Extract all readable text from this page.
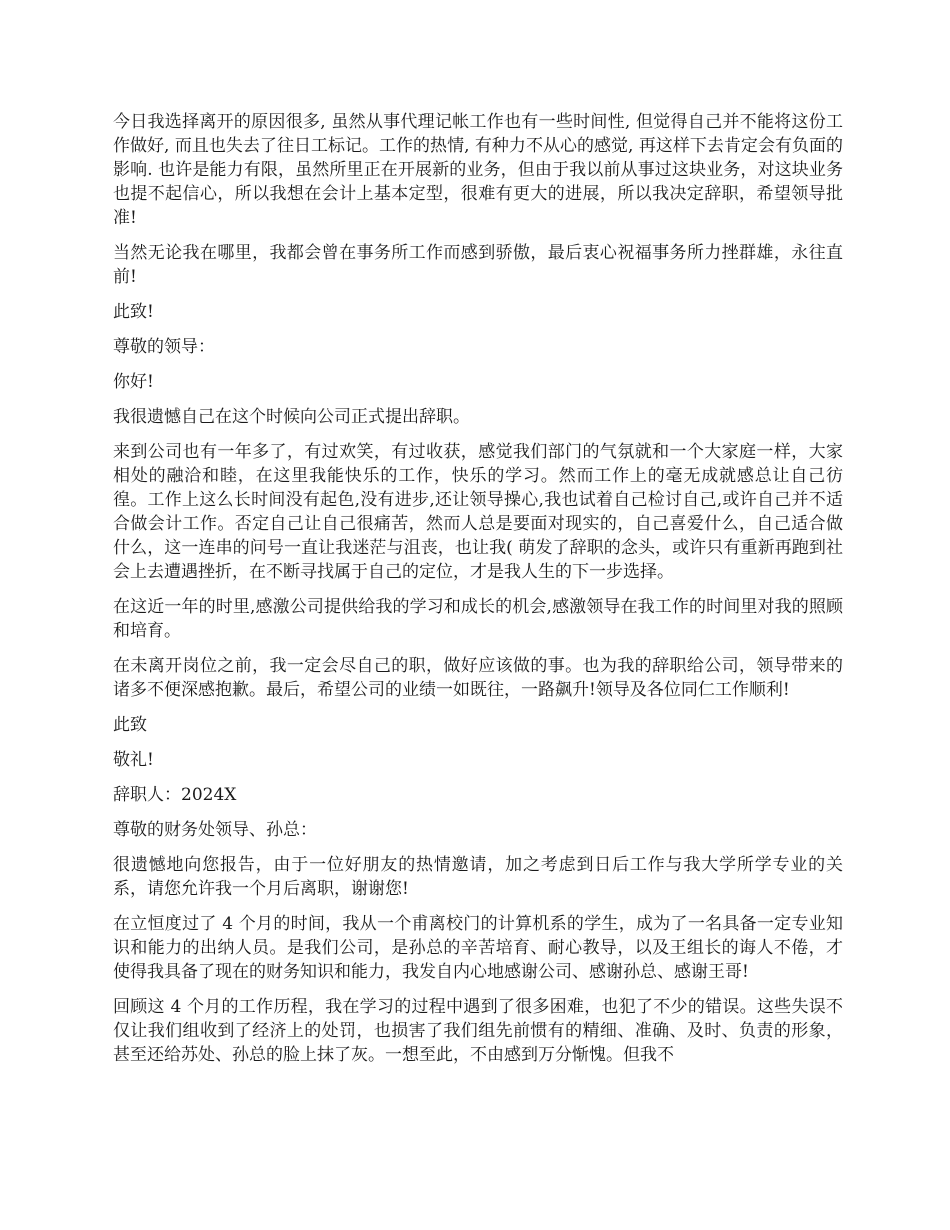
今日我选择离开的原因很多, 虽然从事代理记帐工作也有一些时间性, 但觉得自己并不能将这份工作做好, 而且也失去了往日工标记。工作的热情, 有种力不从心的感觉, 再这样下去肯定会有负面的影响. 也许是能力有限，虽然所里正在开展新的业务，但由于我以前从事过这块业务，对这块业务也提不起信心，所以我想在会计上基本定型，很难有更大的进展，所以我决定辞职，希望领导批准!

当然无论我在哪里，我都会曾在事务所工作而感到骄傲，最后衷心祝福事务所力挫群雄，永往直前!

此致!

尊敬的领导：

你好!

我很遗憾自己在这个时候向公司正式提出辞职。

来到公司也有一年多了，有过欢笑，有过收获，感觉我们部门的气氛就和一个大家庭一样，大家相处的融洽和睦，在这里我能快乐的工作，快乐的学习。然而工作上的毫无成就感总让自己彷徨。工作上这么长时间没有起色,没有进步,还让领导操心,我也试着自己检讨自己,或许自己并不适合做会计工作。否定自己让自己很痛苦，然而人总是要面对现实的，自己喜爱什么，自己适合做什么，这一连串的问号一直让我迷茫与沮丧，也让我( 萌发了辞职的念头，或许只有重新再跑到社会上去遭遇挫折，在不断寻找属于自己的定位，才是我人生的下一步选择。

在这近一年的时里,感激公司提供给我的学习和成长的机会,感激领导在我工作的时间里对我的照顾和培育。

在未离开岗位之前，我一定会尽自己的职，做好应该做的事。也为我的辞职给公司，领导带来的诸多不便深感抱歉。最后，希望公司的业绩一如既往，一路飙升!领导及各位同仁工作顺利!

此致

敬礼!

辞职人：2024X

尊敬的财务处领导、孙总：

很遗憾地向您报告，由于一位好朋友的热情邀请，加之考虑到日后工作与我大学所学专业的关系，请您允许我一个月后离职，谢谢您!

在立恒度过了 4 个月的时间，我从一个甫离校门的计算机系的学生，成为了一名具备一定专业知识和能力的出纳人员。是我们公司，是孙总的辛苦培育、耐心教导，以及王组长的诲人不倦，才使得我具备了现在的财务知识和能力，我发自内心地感谢公司、感谢孙总、感谢王哥!

回顾这 4 个月的工作历程，我在学习的过程中遇到了很多困难，也犯了不少的错误。这些失误不仅让我们组收到了经济上的处罚，也损害了我们组先前惯有的精细、准确、及时、负责的形象，甚至还给苏处、孙总的脸上抹了灰。一想至此，不由感到万分惭愧。但我不
